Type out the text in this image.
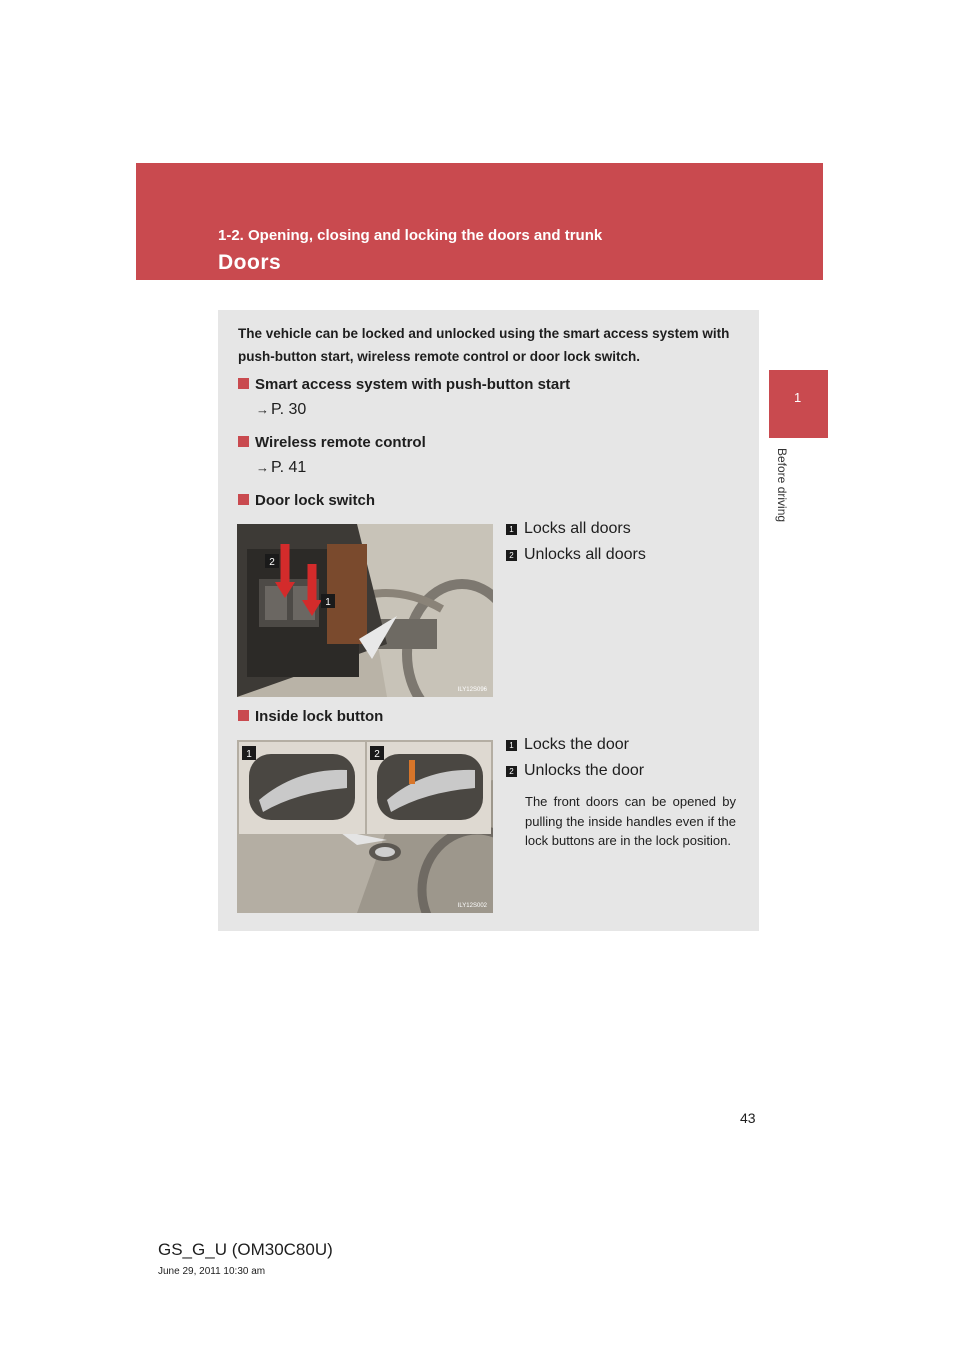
1-2. Opening, closing and locking the doors and trunk
Doors
1
Before driving
The vehicle can be locked and unlocked using the smart access system with push-button start, wireless remote control or door lock switch.
Smart access system with push-button start
→ P. 30
Wireless remote control
→ P. 41
Door lock switch
2
1
ILY12S096
1 Locks all doors
2 Unlocks all doors
Inside lock button
1	2
ILY12S002
1 Locks the door
2 Unlocks the door
The front doors can be opened by pulling the inside handles even if the lock buttons are in the lock position.
43
GS_G_U (OM30C80U)
June 29, 2011 10:30 am
